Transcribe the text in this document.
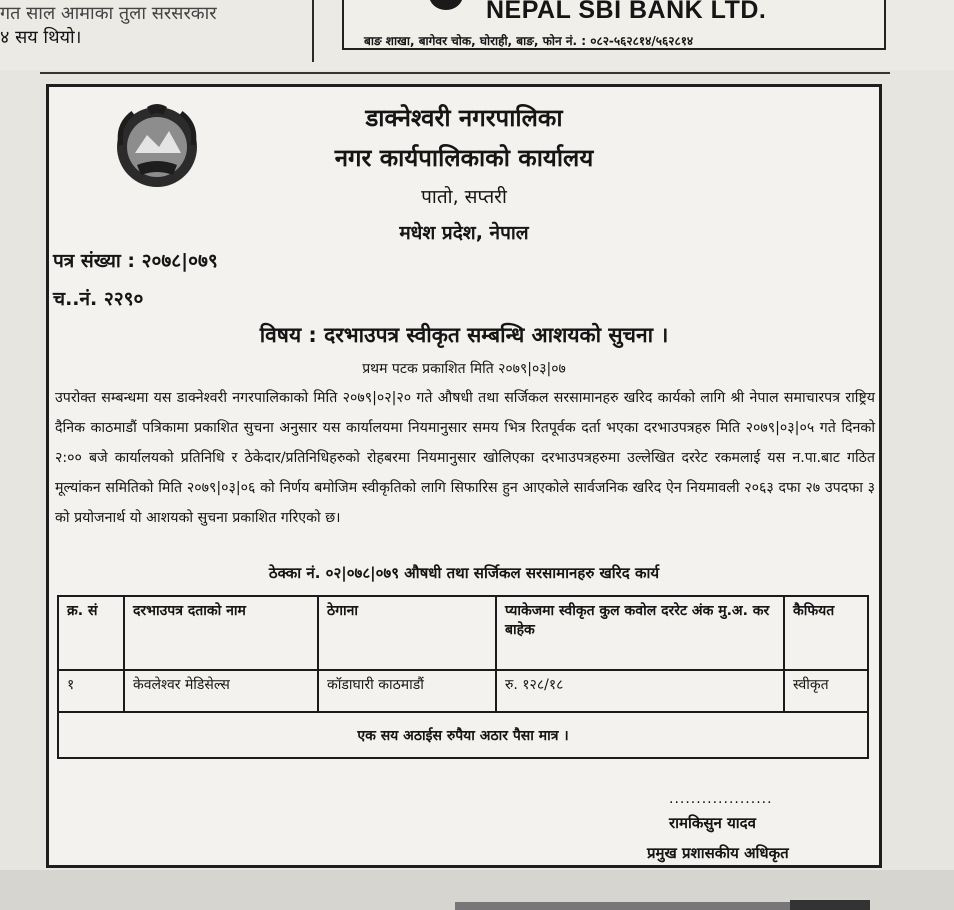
गत साल आमाका तुला सरसरकार
४ सय थियो।
NEPAL SBI BANK LTD.
बाङ शाखा, बागेवर चोक, घोराही, बाङ, फोन नं. : ०८२-५६२८१४/५६२८१४
डाक्नेश्वरी नगरपालिका
नगर कार्यपालिकाको कार्यालय
पातो, सप्तरी
मधेश प्रदेश, नेपाल
पत्र संख्या : २०७८|०७९
च..नं. २२९०
विषय : दरभाउपत्र स्वीकृत सम्बन्धि आशयको सुचना ।
प्रथम पटक प्रकाशित मिति २०७९|०३|०७
उपरोक्त सम्बन्धमा यस डाक्नेश्वरी नगरपालिकाको मिति २०७९|०२|२० गते औषधी तथा सर्जिकल सरसामानहरु खरिद कार्यको लागि श्री नेपाल समाचारपत्र राष्ट्रिय दैनिक काठमाडौं पत्रिकामा प्रकाशित सुचना अनुसार यस कार्यालयमा नियमानुसार समय भित्र रितपूर्वक दर्ता भएका दरभाउपत्रहरु मिति २०७९|०३|०५ गते दिनको २:०० बजे कार्यालयको प्रतिनिधि र ठेकेदार/प्रतिनिधिहरुको रोहबरमा नियमानुसार खोलिएका दरभाउपत्रहरुमा उल्लेखित दररेट रकमलाई यस न.पा.बाट गठित मूल्यांकन समितिको मिति २०७९|०३|०६ को निर्णय बमोजिम स्वीकृतिको लागि सिफारिस हुन आएकोले सार्वजनिक खरिद ऐन नियमावली २०६३ दफा २७ उपदफा ३ को प्रयोजनार्थ यो आशयको सुचना प्रकाशित गरिएको छ।
ठेक्का नं. ०२|०७८|०७९ औषधी तथा सर्जिकल सरसामानहरु खरिद कार्य
क्र. सं	दरभाउपत्र दताको नाम	ठेगाना	प्याकेजमा स्वीकृत कुल कवोल दररेट अंक मु.अ. कर बाहेक	कैफियत
१	केवलेश्वर मेडिसेल्स	कॉडाघारी काठमाडौं	रु. १२८/१८	स्वीकृत
एक सय अठाईस रुपैया अठार पैसा मात्र ।				
...................
रामकिसुन यादव
प्रमुख प्रशासकीय अधिकृत
